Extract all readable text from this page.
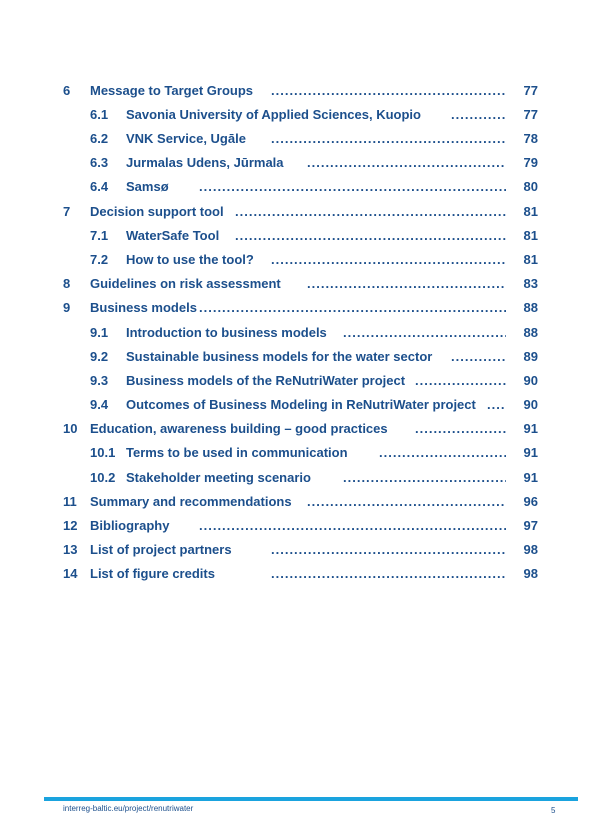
6 Message to Target Groups .....	77
6.1 Savonia University of Applied Sciences, Kuopio .....	77
6.2 VNK Service, Ugāle .....	78
6.3 Jurmalas Udens, Jūrmala .....	79
6.4 Samsø .....	80
7 Decision support tool .....	81
7.1 WaterSafe Tool .....	81
7.2 How to use the tool? .....	81
8 Guidelines on risk assessment .....	83
9 Business models .....	88
9.1 Introduction to business models .....	88
9.2 Sustainable business models for the water sector .....	89
9.3 Business models of the ReNutriWater project .....	90
9.4 Outcomes of Business Modeling in ReNutriWater project .....	90
10 Education, awareness building – good practices .....	91
10.1 Terms to be used in communication .....	91
10.2 Stakeholder meeting scenario .....	91
11 Summary and recommendations .....	96
12 Bibliography .....	97
13 List of project partners .....	98
14 List of figure credits .....	98
interreg-baltic.eu/project/renutriwater	5
